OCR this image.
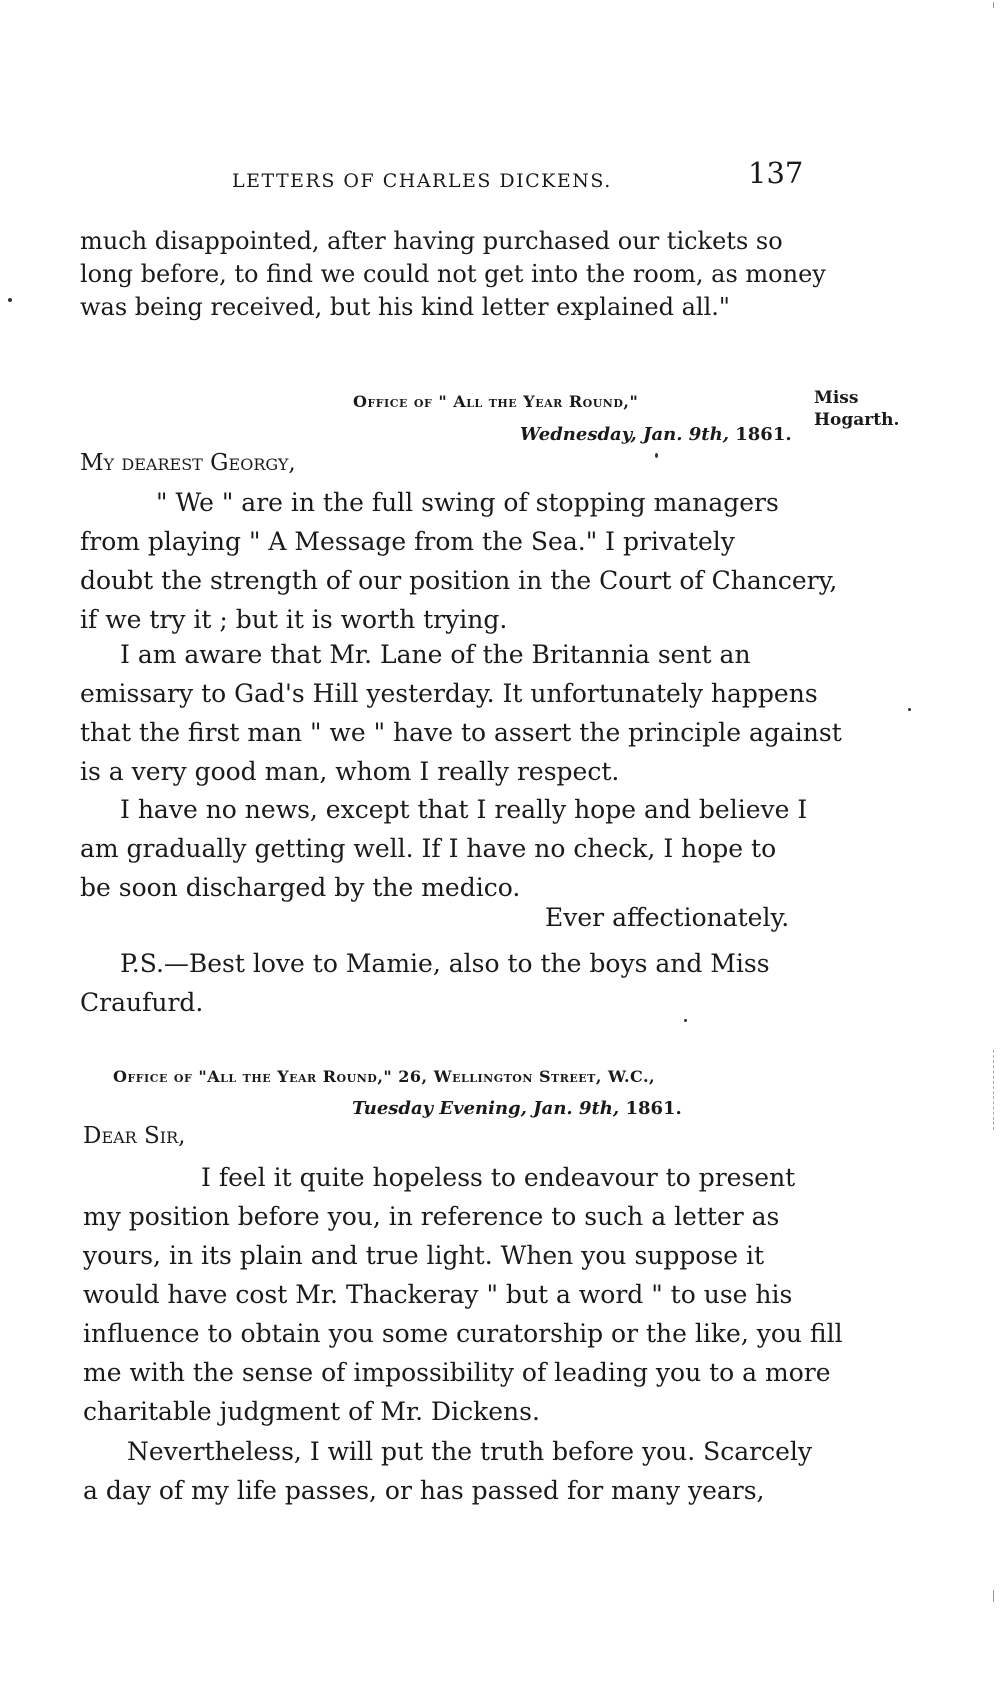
LETTERS OF CHARLES DICKENS.	137
much disappointed, after having purchased our tickets so
long before, to find we could not get into the room, as money
was being received, but his kind letter explained all."
Office of " All the Year Round,"
Wednesday, Jan. 9th, 1861.
Miss
Hogarth.
My dearest Georgy,
" We " are in the full swing of stopping managers
from playing " A Message from the Sea." I privately
doubt the strength of our position in the Court of Chancery,
if we try it ; but it is worth trying.
I am aware that Mr. Lane of the Britannia sent an
emissary to Gad's Hill yesterday. It unfortunately happens
that the first man " we " have to assert the principle against
is a very good man, whom I really respect.
I have no news, except that I really hope and believe I
am gradually getting well. If I have no check, I hope to
be soon discharged by the medico.
Ever affectionately.
P.S.—Best love to Mamie, also to the boys and Miss
Craufurd.
Office of "All the Year Round," 26, Wellington Street, W.C.,
Tuesday Evening, Jan. 9th, 1861.
Dear Sir,
I feel it quite hopeless to endeavour to present
my position before you, in reference to such a letter as
yours, in its plain and true light. When you suppose it
would have cost Mr. Thackeray " but a word " to use his
influence to obtain you some curatorship or the like, you fill
me with the sense of impossibility of leading you to a more
charitable judgment of Mr. Dickens.
Nevertheless, I will put the truth before you. Scarcely
a day of my life passes, or has passed for many years,
